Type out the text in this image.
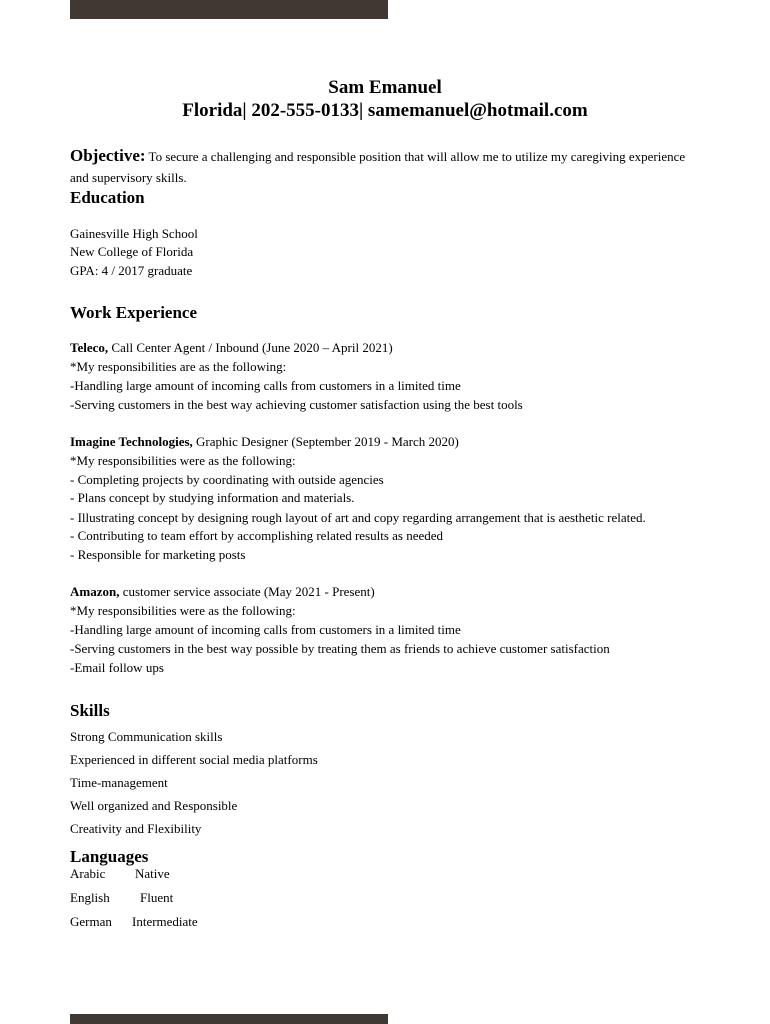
Sam Emanuel
Florida| 202-555-0133| samemanuel@hotmail.com
Objective: To secure a challenging and responsible position that will allow me to utilize my caregiving experience and supervisory skills.
Education
Gainesville High School
New College of Florida
GPA: 4 / 2017 graduate
Work Experience
Teleco, Call Center Agent / Inbound (June 2020 – April 2021)
*My responsibilities are as the following:
-Handling large amount of incoming calls from customers in a limited time
-Serving customers in the best way achieving customer satisfaction using the best tools
Imagine Technologies, Graphic Designer (September 2019 - March 2020)
*My responsibilities were as the following:
- Completing projects by coordinating with outside agencies
- Plans concept by studying information and materials.
- Illustrating concept by designing rough layout of art and copy regarding arrangement that is aesthetic related.
- Contributing to team effort by accomplishing related results as needed
- Responsible for marketing posts
Amazon, customer service associate (May 2021 - Present)
*My responsibilities were as the following:
-Handling large amount of incoming calls from customers in a limited time
-Serving customers in the best way possible by treating them as friends to achieve customer satisfaction
-Email follow ups
Skills
Strong Communication skills
Experienced in different social media platforms
Time-management
Well organized and Responsible
Creativity and Flexibility
Languages
Arabic Native
English Fluent
German Intermediate
